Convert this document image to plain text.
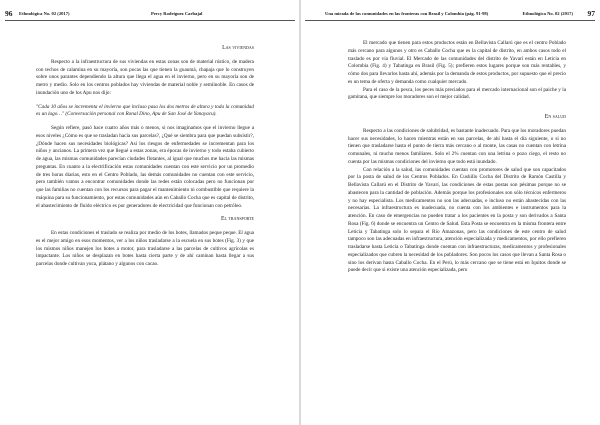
96 Ethnológica No. 02 (2017)	Percy Rodríguez Carbajal
Las viviendas

Respecto a la infraestructura de sus viviendas en estas zonas son de material rústico, de madera con techos de calamina en su mayoría, son pocas las que tienen la guaumá, chapaja que lo construyen sobre unos parantes dependiendo la altura que llega el agua en el invierno, pero en su mayoría son de metro y medio. Solo en los centros poblados hay viviendas de material noble y semiinoble. En casos de inundación uno de los Apu nos dijo:

"Cada 10 años se incrementa el invierno que incluso pasa los dos metros de altura y toda la comunidad es un lago…" (Conversación personal con Ronal Dino, Apu de San José de Yanayacu).

Según refiere, pasó hace cuatro años más o menos, si nos imaginamos que el invierno llegue a esos niveles ¿Cómo es que se trasladan hacia sus parcelas?, ¿Qué se siembra para que puedan subsistir?, ¿Dónde hacen sus necesidades biológicas? Así los riesgos de enfermedades se incrementan para los niños y ancianos. La primera vez que llegué a estas zonas, era épocas de invierno y todo estaba cubierto de agua, las mismas comunidades parecían ciudades flotantes, al igual que muchos me hacía las mismas preguntas. En cuanto a la electrificación estas comunidades cuentan con este servicio por un promedio de tres horas diarias, esto en el Centro Poblado, las demás comunidades no cuentan con este servicio, pero también vamos a encontrar comunidades donde las redes están colocadas pero no funcionan por que las familias no cuentan con los recursos para pagar el mantenimiento ni combustible que requiere la máquina para su funcionamiento, por estas comunidades aún en Caballo Cocha que es capital de distrito, el abastecimiento de fluido eléctrico es por generadores de electricidad que funcionan con petróleo.

El transporte

En estas condiciones el traslado se realiza por medio de los botes, llamados peque peque. El agua es el mejor amigo en esos momentos, ver a los niños trasladarse a la escuela en sus botes (Fig. 3) y que los mismos niños manejen los botes a motor, para trasladarse a las parcelas de cultivos agrícolas es impactante. Los niños se desplazan en botes hasta cierta parte y de ahí caminan hasta llegar a sus parcelas donde cultivan yuca, plátano y algunos con cacao.

Una mirada de las comunidades en las fronteras con Brasil y Colombia (pág. 91-98)	Ethnológica No. 02 (2017) 97

El mercado que tienen para estos productos están en Bellavista Callarú que es el centro Poblado más cercano para algunos y otro es Caballo Cocha que es la capital de distrito, en ambos casos todo el traslado es por vía fluvial. El Mercado de las comunidades del distrito de Yavarí están en Leticia en Colombia (Fig. 4) y Tabatinga en Brasil (Fig. 5); prefieren estos lugares porque son más rentables, y cómo dos para llevarlos hasta ahí, además por la demanda de estos productos, por supuesto que el precio es un tema de oferta y demanda como cualquier mercado.

Para el caso de la pesca, los peces más preciados para el mercado internacional son el paiche y la gamitana, que siempre los moradores son el mejor calidad.

En salud

Respecto a las condiciones de salubridad, es bastante inadecuado. Para que los moradores puedan hacer sus necesidades, lo hacen mientras están en sus parcelas, de ahí hasta el día siguiente, o si no tienen que trasladarse hasta el punto de tierra más cercano o al monte, las casas no cuentan con letrina comunales, ni mucho menos familiares. Solo el 2% cuentan con una letrina o pozo ciego, el resto no cuenta por las mismas condiciones del invierno que todo está inundado.

Con relación a la salud, las comunidades cuentan con promotores de salud que son capacitados por la posta de salud de los Centros Poblados. En Cushillo Cocha del Distrito de Ramón Castilla y Bellavista Callarú en el Distrito de Yavarí, las condiciones de estas postas son pésimas porque no se abastecen para la cantidad de población. Además porque los profesionales son sólo técnicos enfermeros y no hay especialista. Los medicamentos no son las adecuadas, e incluso no están abastecidas con las necesarias. La infraestructura es inadecuada, no cuenta con los ambientes e instrumentos para la atención. En caso de emergencias no pueden tratar a los pacientes en la posta y son derivados a Santa Rosa (Fig. 6) donde se encuentra un Centro de Salud. Esta Posta se encuentra en la misma frontera entre Leticia y Tabatinga solo lo separa el Río Amazonas, pero las condiciones de este centro de salud tampoco son las adecuadas en infraestructura, atención especializada y medicamentos, por ello prefieren trasladarse hasta Leticia o Tabatinga donde cuentan con infraestructuras, medicamentos y profesionales especializados que cubren la necesidad de los pobladores. Son pocos los casos que llevan a Santa Rosa o sino los derivan hasta Caballo Cocha. En el Perú, lo más cercano que se tiene está en Iquitos donde se puede decir que si existe una atención especializada, pero
